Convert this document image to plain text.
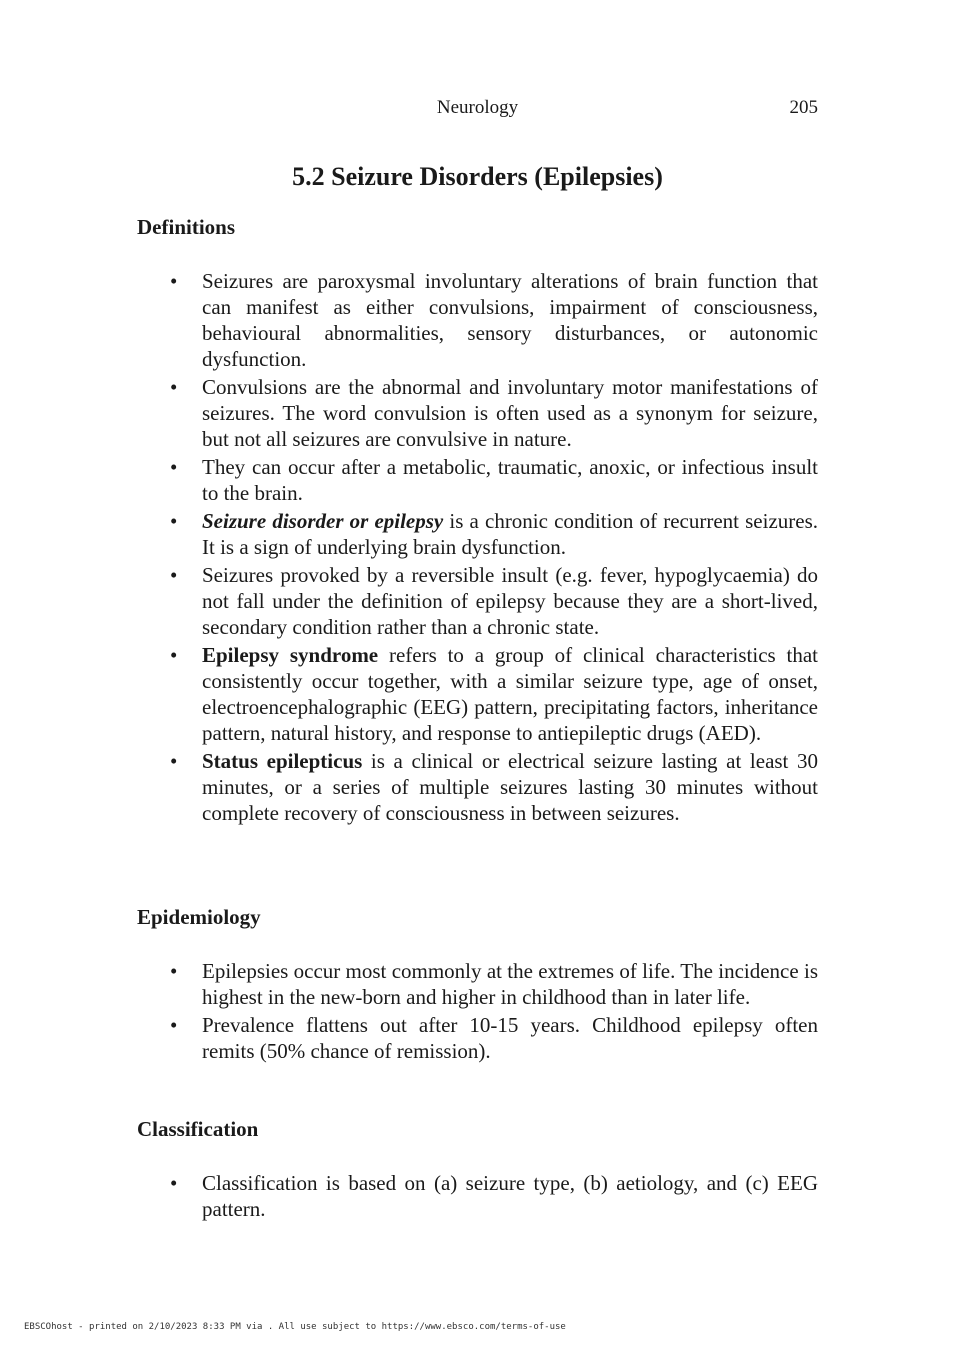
Neurology	205
5.2 Seizure Disorders (Epilepsies)
Definitions
• Seizures are paroxysmal involuntary alterations of brain function that can manifest as either convulsions, impairment of consciousness, behavioural abnormalities, sensory disturbances, or autonomic dysfunction.
• Convulsions are the abnormal and involuntary motor manifestations of seizures. The word convulsion is often used as a synonym for seizure, but not all seizures are convulsive in nature.
• They can occur after a metabolic, traumatic, anoxic, or infectious insult to the brain.
• Seizure disorder or epilepsy is a chronic condition of recurrent seizures. It is a sign of underlying brain dysfunction.
• Seizures provoked by a reversible insult (e.g. fever, hypoglycaemia) do not fall under the definition of epilepsy because they are a short-lived, secondary condition rather than a chronic state.
• Epilepsy syndrome refers to a group of clinical characteristics that consistently occur together, with a similar seizure type, age of onset, electroencephalographic (EEG) pattern, precipitating factors, inheritance pattern, natural history, and response to antiepileptic drugs (AED).
• Status epilepticus is a clinical or electrical seizure lasting at least 30 minutes, or a series of multiple seizures lasting 30 minutes without complete recovery of consciousness in between seizures.
Epidemiology
• Epilepsies occur most commonly at the extremes of life. The incidence is highest in the new-born and higher in childhood than in later life.
• Prevalence flattens out after 10-15 years. Childhood epilepsy often remits (50% chance of remission).
Classification
• Classification is based on (a) seizure type, (b) aetiology, and (c) EEG pattern.
EBSCOhost - printed on 2/10/2023 8:33 PM via . All use subject to https://www.ebsco.com/terms-of-use
